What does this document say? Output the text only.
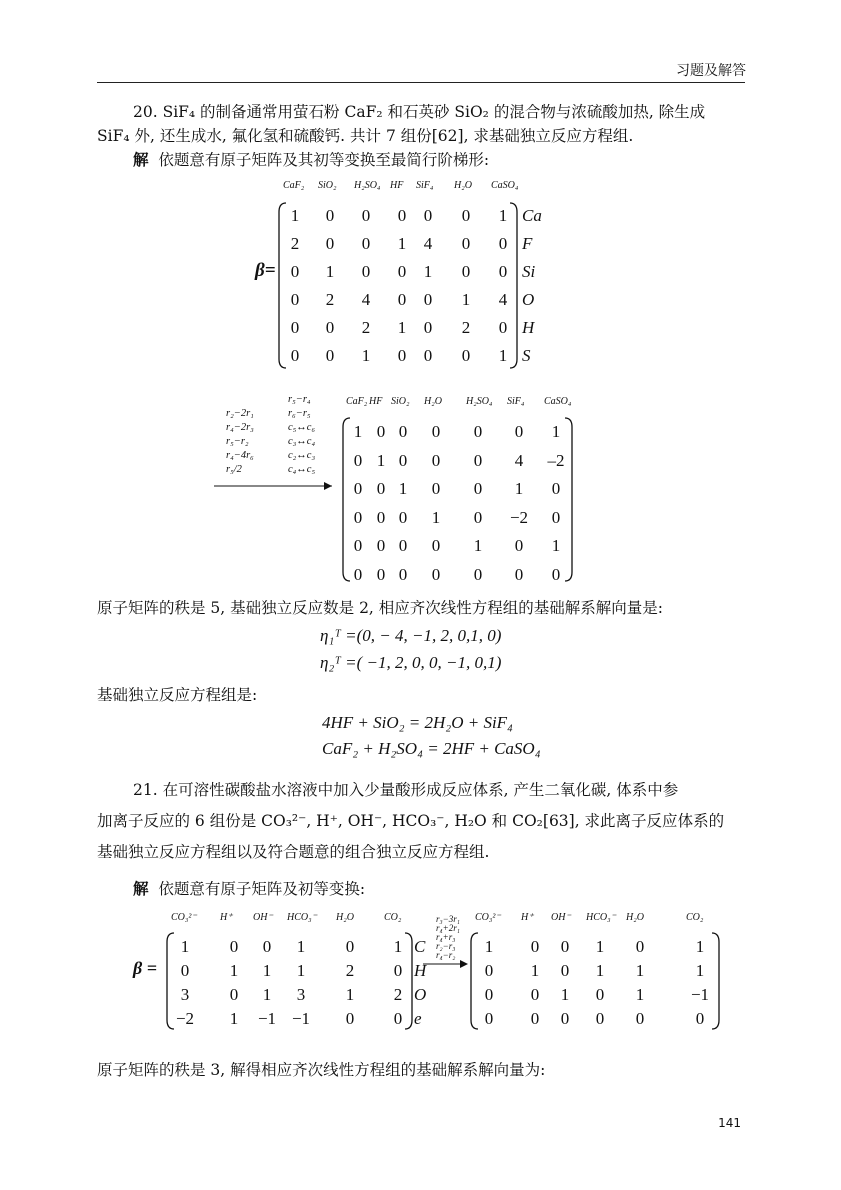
习题及解答
20. SiF₄ 的制备通常用萤石粉 CaF₂ 和石英砂 SiO₂ 的混合物与浓硫酸加热, 除生成
SiF₄ 外, 还生成水, 氟化氢和硫酸钙. 共计 7 组份[62], 求基础独立反应方程组.
解 依题意有原子矩阵及其初等变换至最简行阶梯形:
CaF₂ SiO₂ H₂SO₄ HF SiF₄ H₂O CaSO₄
1	0	0	0	0	0	1 Ca
2	0	0	1	4	0	0 F
0	1	0	0	1	0	0 Si
0	2	4	0	0	1	4 O
0	0	2	1	0	2	0 H
0	0	1	0	0	0	1 S
β=
r₂−2r₁
r₄−2r₃
r₅−r₂
r₄−4r₆
r₅/2
r₅−r₄
r₆−r₅
c₅↔c₆
c₃↔c₄
c₂↔c₃
c₄↔c₅
CaF₂ HF SiO₂ H₂O H₂SO₄ SiF₄ CaSO₄
1 0 0	0	0	0	1
0 1 0	0	0	4	–2
0 0 1	0	0	1	0
0 0 0	1	0	−2	0
0 0 0	0	1	0	1
0 0 0	0	0	0	0
原子矩阵的秩是 5, 基础独立反应数是 2, 相应齐次线性方程组的基础解系解向量是:
η₁ᵀ =(0, − 4, −1, 2, 0,1, 0)
η₂ᵀ =( −1, 2, 0, 0, −1, 0,1)
基础独立反应方程组是:
4HF + SiO₂ = 2H₂O + SiF₄
CaF₂ + H₂SO₄ = 2HF + CaSO₄
21. 在可溶性碳酸盐水溶液中加入少量酸形成反应体系, 产生二氧化碳, 体系中参
加离子反应的 6 组份是 CO₃²⁻, H⁺, OH⁻, HCO₃⁻, H₂O 和 CO₂[63], 求此离子反应体系的
基础独立反应方程组以及符合题意的组合独立反应方程组.
解 依题意有原子矩阵及初等变换:
β =
CO₃²⁻ H⁺ OH⁻ HCO₃⁻ H₂O	CO₂
1	0	0	1	0	1 C
0	1	1	1	2	0 H
3	0	1	3	1	2 O
−2	1	−1 −1	0	0 e
r₃−3r₁
r₄+2r₁
r₄+r₃
r₂−r₃
r₄−r₂
CO₃²⁻ H⁺ OH⁻ HCO₃⁻ H₂O	CO₂
1	0	0	1	0	1
0	1	0	1	1	1
0	0	1	0	1	−1
0	0	0	0	0	0
原子矩阵的秩是 3, 解得相应齐次线性方程组的基础解系解向量为:
141
